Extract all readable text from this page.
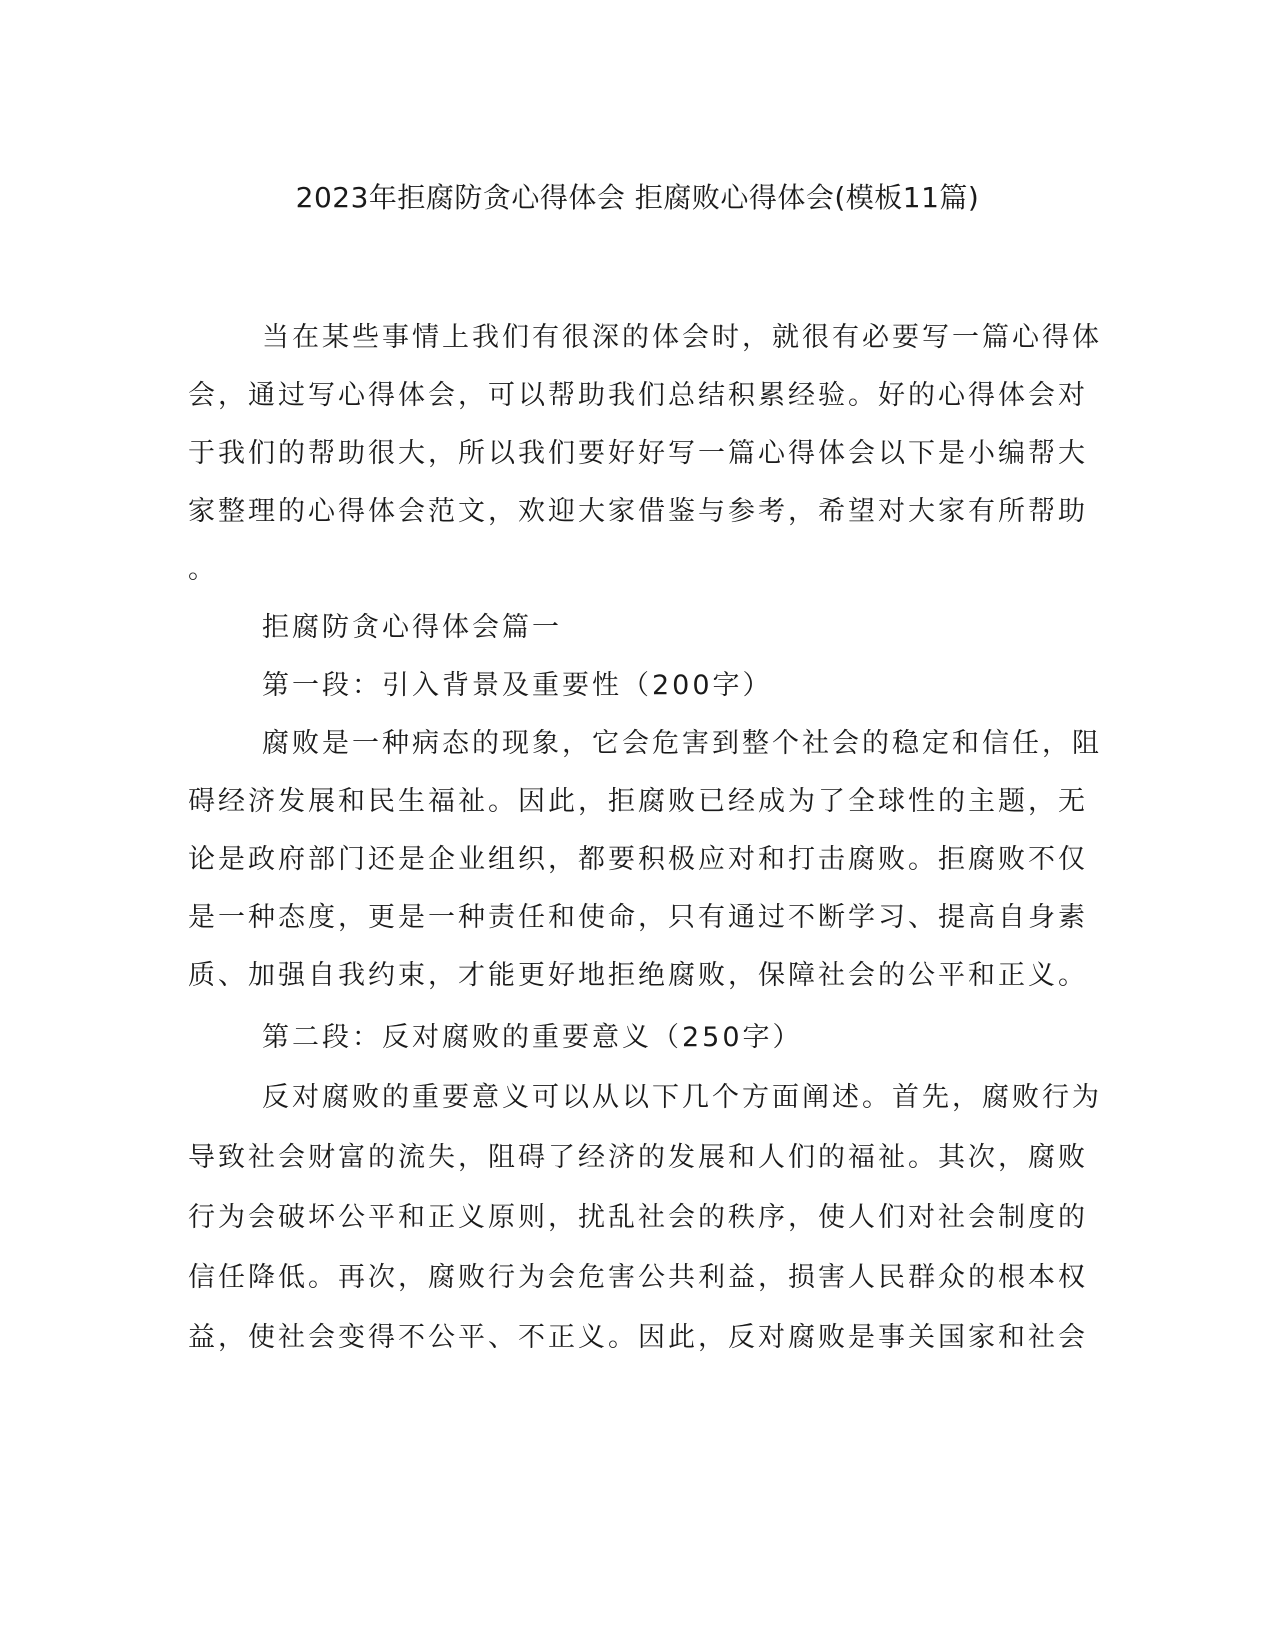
2023年拒腐防贪心得体会 拒腐败心得体会(模板11篇)
当在某些事情上我们有很深的体会时，就很有必要写一篇心得体
会，通过写心得体会，可以帮助我们总结积累经验。好的心得体会对
于我们的帮助很大，所以我们要好好写一篇心得体会以下是小编帮大
家整理的心得体会范文，欢迎大家借鉴与参考，希望对大家有所帮助
。
拒腐防贪心得体会篇一
第一段：引入背景及重要性（200字）
腐败是一种病态的现象，它会危害到整个社会的稳定和信任，阻
碍经济发展和民生福祉。因此，拒腐败已经成为了全球性的主题，无
论是政府部门还是企业组织，都要积极应对和打击腐败。拒腐败不仅
是一种态度，更是一种责任和使命，只有通过不断学习、提高自身素
质、加强自我约束，才能更好地拒绝腐败，保障社会的公平和正义。
第二段：反对腐败的重要意义（250字）
反对腐败的重要意义可以从以下几个方面阐述。首先，腐败行为
导致社会财富的流失，阻碍了经济的发展和人们的福祉。其次，腐败
行为会破坏公平和正义原则，扰乱社会的秩序，使人们对社会制度的
信任降低。再次，腐败行为会危害公共利益，损害人民群众的根本权
益，使社会变得不公平、不正义。因此，反对腐败是事关国家和社会
